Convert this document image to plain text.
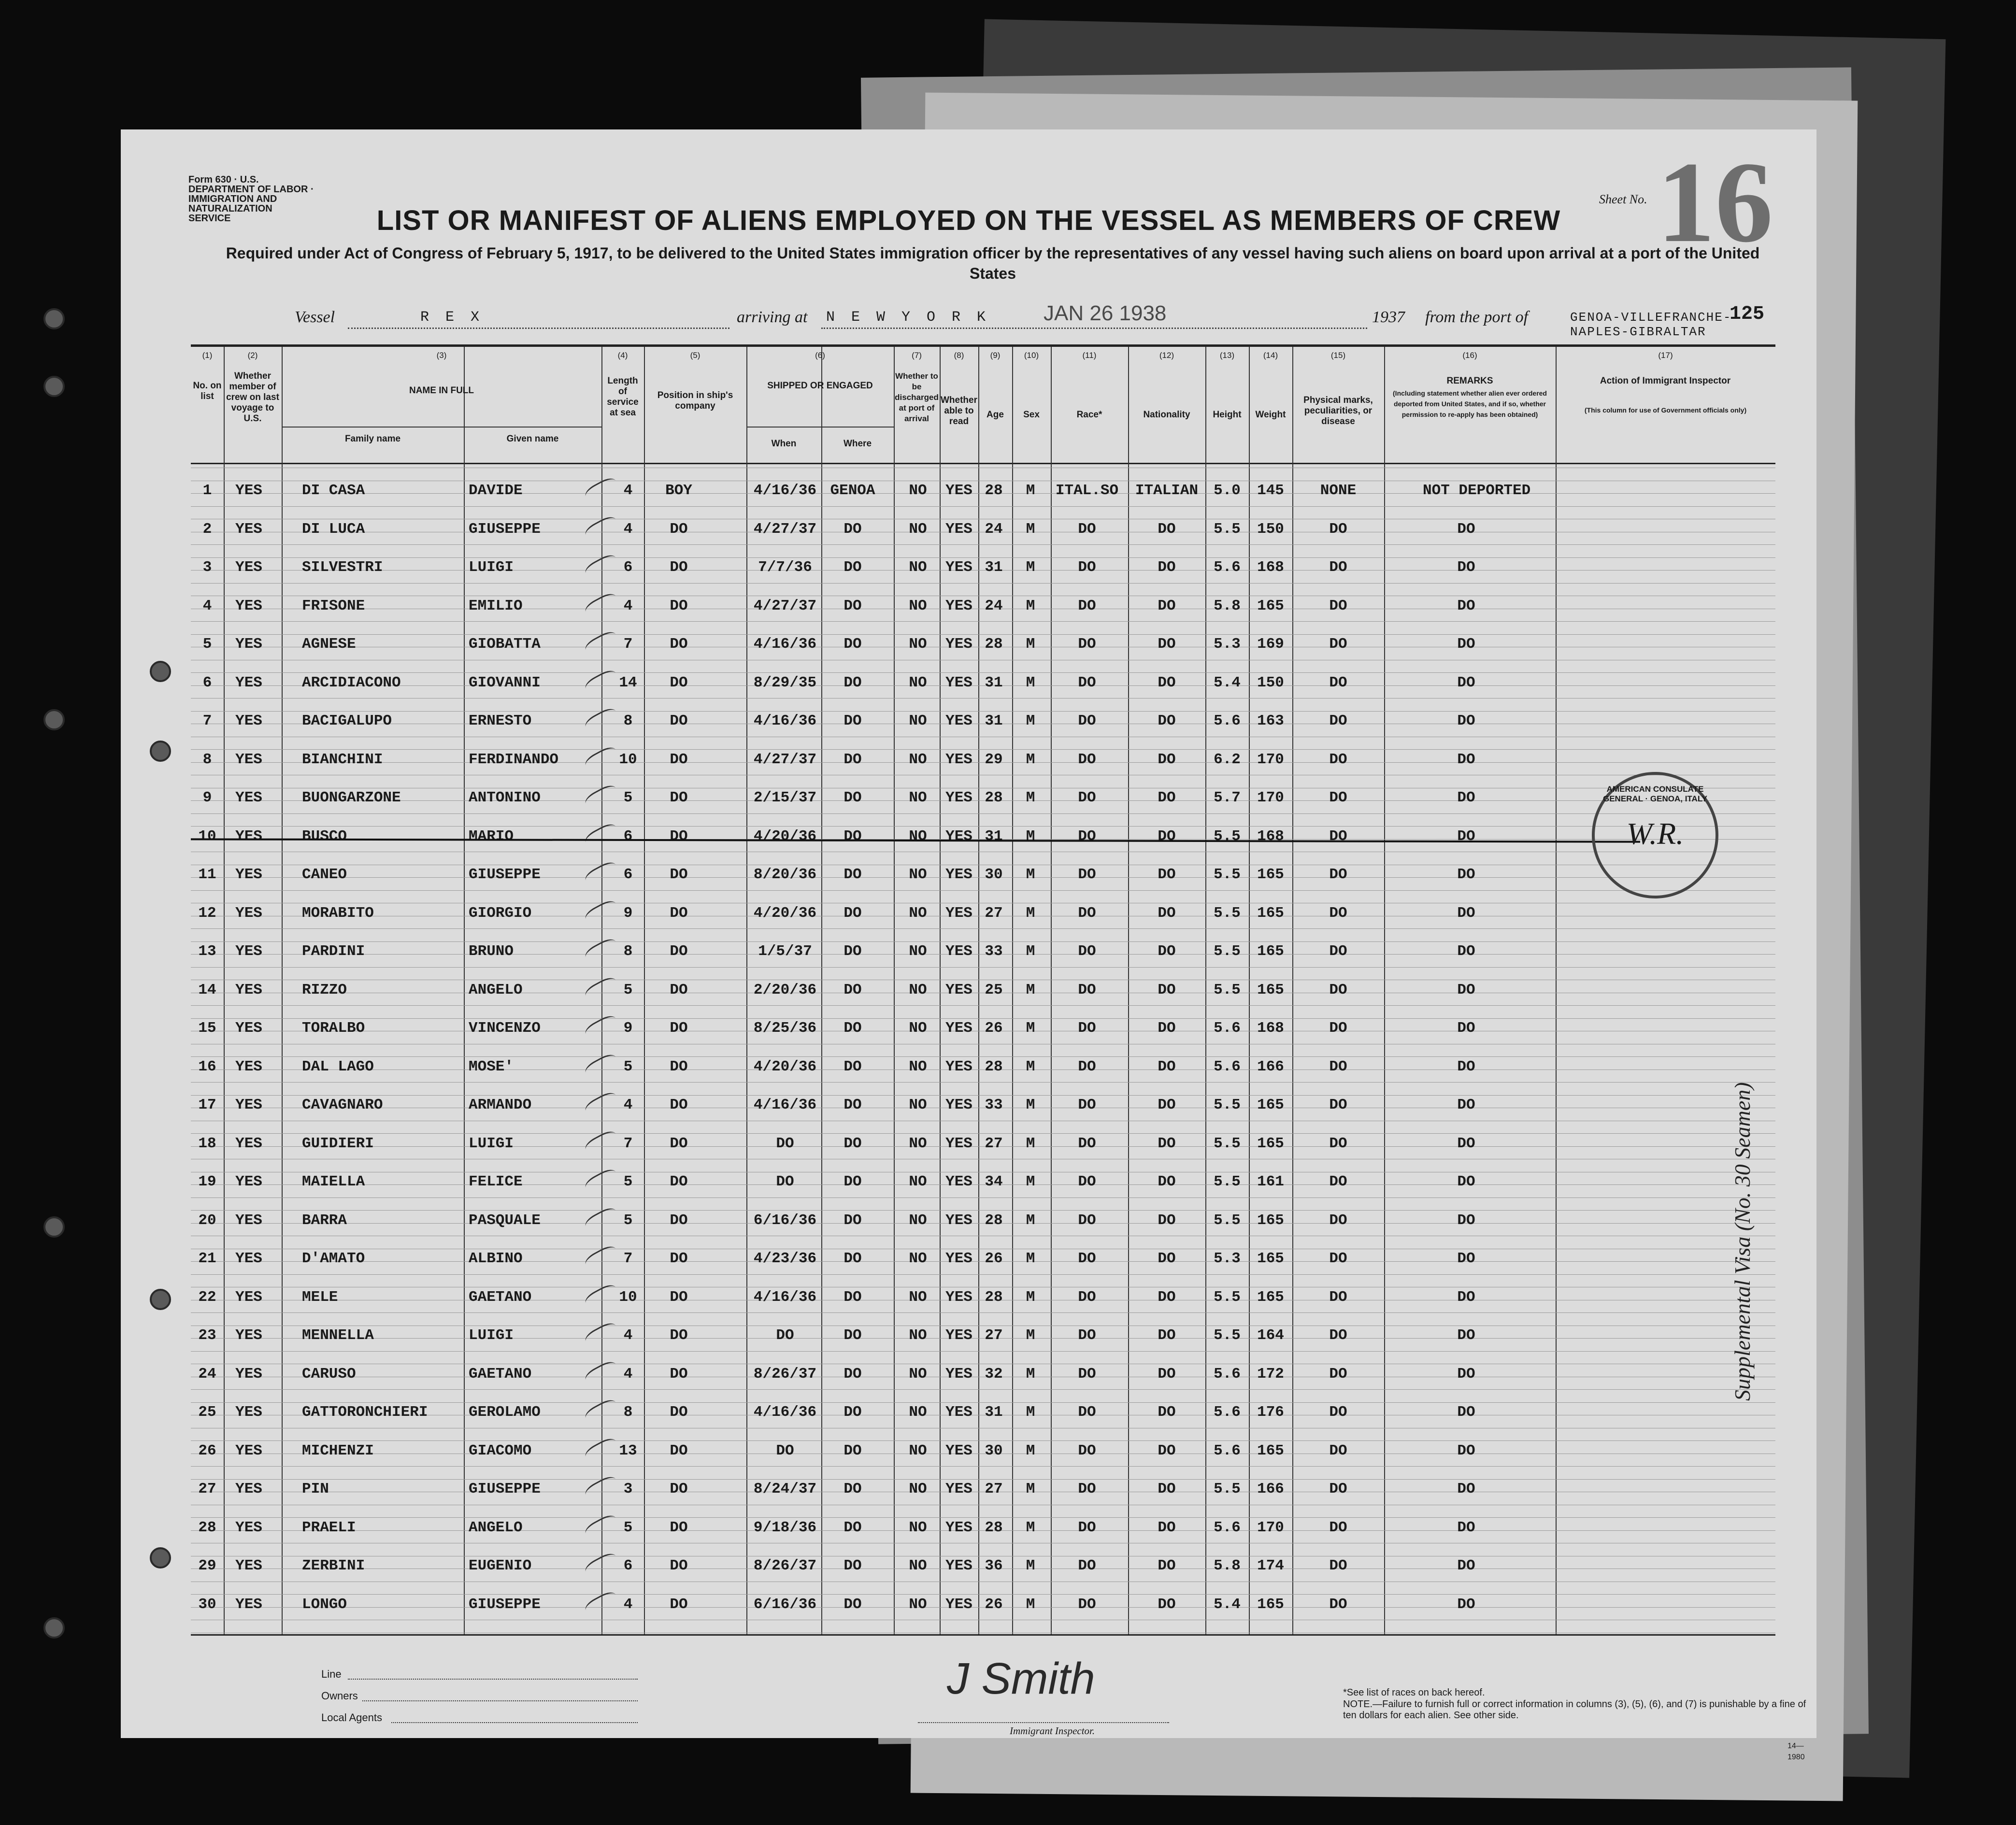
Form 630 · U.S. DEPARTMENT OF LABOR · IMMIGRATION AND NATURALIZATION SERVICE
Sheet No. 16
LIST OR MANIFEST OF ALIENS EMPLOYED ON THE VESSEL AS MEMBERS OF CREW
Required under Act of Congress of February 5, 1917, to be delivered to the United States immigration officer by the representatives of any vessel having such aliens on board upon arrival at a port of the United States
125
Vessel	R E X	arriving at N E W Y O R K	JAN 26 1938	1937 from the port of	GENOA-VILLEFRANCHE-NAPLES-GIBRALTAR
(1)	(2)	(3)	(4)	(5)	(6)	(7)	(8)	(9)	(10)	(11)	(12)	(13)	(14)	(15)	(16)	(17)
No. on list
Whether member of crew on last voyage to U.S.
NAME IN FULL
Family name	Given name
Length of service at sea
Position in ship's company
SHIPPED OR ENGAGED
When	Where
Whether to be discharged at port of arrival
Whether able to read
Age	Sex	Race*	Nationality	Height	Weight
Physical marks, peculiarities, or disease
REMARKS
(Including statement whether alien ever ordered deported from United States, and if so, whether permission to re-apply has been obtained)
Action of Immigrant Inspector
(This column for use of Government officials only)
1	YES	DI CASA	DAVIDE	4	BOY	4/16/36 GENOA	NO	YES 28	M	ITAL.SO	ITALIAN	5.0	145	NONE	NOT DEPORTED
2	YES	DI LUCA	GIUSEPPE	4	DO	4/27/37	DO	NO	YES 24	M	DO	DO	5.5	150	DO	DO
3	YES	SILVESTRI	LUIGI	6	DO	7/7/36	DO	NO	YES 31	M	DO	DO	5.6	168	DO	DO
4	YES	FRISONE	EMILIO	4	DO	4/27/37	DO	NO	YES 24	M	DO	DO	5.8	165	DO	DO
5	YES	AGNESE	GIOBATTA	7	DO	4/16/36	DO	NO	YES 28	M	DO	DO	5.3	169	DO	DO
6	YES	ARCIDIACONO	GIOVANNI	14	DO	8/29/35	DO	NO	YES 31	M	DO	DO	5.4	150	DO	DO
7	YES	BACIGALUPO	ERNESTO	8	DO	4/16/36	DO	NO	YES 31	M	DO	DO	5.6	163	DO	DO
8	YES	BIANCHINI	FERDINANDO	10	DO	4/27/37	DO	NO	YES 29	M	DO	DO	6.2	170	DO	DO
9	YES	BUONGARZONE	ANTONINO	5	DO	2/15/37	DO	NO	YES 28	M	DO	DO	5.7	170	DO	DO
10	YES	BUSCO	MARIO	6	DO	4/20/36	DO	NO	YES 31	M	DO	DO	5.5	168	DO	DO
11	YES	CANEO	GIUSEPPE	6	DO	8/20/36	DO	NO	YES 30	M	DO	DO	5.5	165	DO	DO
12	YES	MORABITO	GIORGIO	9	DO	4/20/36	DO	NO	YES 27	M	DO	DO	5.5	165	DO	DO
13	YES	PARDINI	BRUNO	8	DO	1/5/37	DO	NO	YES 33	M	DO	DO	5.5	165	DO	DO
14	YES	RIZZO	ANGELO	5	DO	2/20/36	DO	NO	YES 25	M	DO	DO	5.5	165	DO	DO
15	YES	TORALBO	VINCENZO	9	DO	8/25/36	DO	NO	YES 26	M	DO	DO	5.6	168	DO	DO
16	YES	DAL LAGO	MOSE'	5	DO	4/20/36	DO	NO	YES 28	M	DO	DO	5.6	166	DO	DO
17	YES	CAVAGNARO	ARMANDO	4	DO	4/16/36	DO	NO	YES 33	M	DO	DO	5.5	165	DO	DO
18	YES	GUIDIERI	LUIGI	7	DO	DO	DO	NO	YES 27	M	DO	DO	5.5	165	DO	DO
19	YES	MAIELLA	FELICE	5	DO	DO	DO	NO	YES 34	M	DO	DO	5.5	161	DO	DO
20	YES	BARRA	PASQUALE	5	DO	6/16/36	DO	NO	YES 28	M	DO	DO	5.5	165	DO	DO
21	YES	D'AMATO	ALBINO	7	DO	4/23/36	DO	NO	YES 26	M	DO	DO	5.3	165	DO	DO
22	YES	MELE	GAETANO	10	DO	4/16/36	DO	NO	YES 28	M	DO	DO	5.5	165	DO	DO
23	YES	MENNELLA	LUIGI	4	DO	DO	DO	NO	YES 27	M	DO	DO	5.5	164	DO	DO
24	YES	CARUSO	GAETANO	4	DO	8/26/37	DO	NO	YES 32	M	DO	DO	5.6	172	DO	DO
25	YES	GATTORONCHIERI	GEROLAMO	8	DO	4/16/36	DO	NO	YES 31	M	DO	DO	5.6	176	DO	DO
26	YES	MICHENZI	GIACOMO	13	DO	DO	DO	NO	YES 30	M	DO	DO	5.6	165	DO	DO
27	YES	PIN	GIUSEPPE	3	DO	8/24/37	DO	NO	YES 27	M	DO	DO	5.5	166	DO	DO
28	YES	PRAELI	ANGELO	5	DO	9/18/36	DO	NO	YES 28	M	DO	DO	5.6	170	DO	DO
29	YES	ZERBINI	EUGENIO	6	DO	8/26/37	DO	NO	YES 36	M	DO	DO	5.8	174	DO	DO
30	YES	LONGO	GIUSEPPE	4	DO	6/16/36	DO	NO	YES 26	M	DO	DO	5.4	165	DO	DO
AMERICAN CONSULATE GENERAL · GENOA, ITALY
W.R.
Line
Owners
Local Agents
J Smith
Immigrant Inspector.
*See list of races on back hereof.
NOTE.—Failure to furnish full or correct information in columns (3), (5), (6), and (7) is punishable by a fine of ten dollars for each alien. See other side.
14—1980
Supplemental Visa (No. 30 Seamen)
